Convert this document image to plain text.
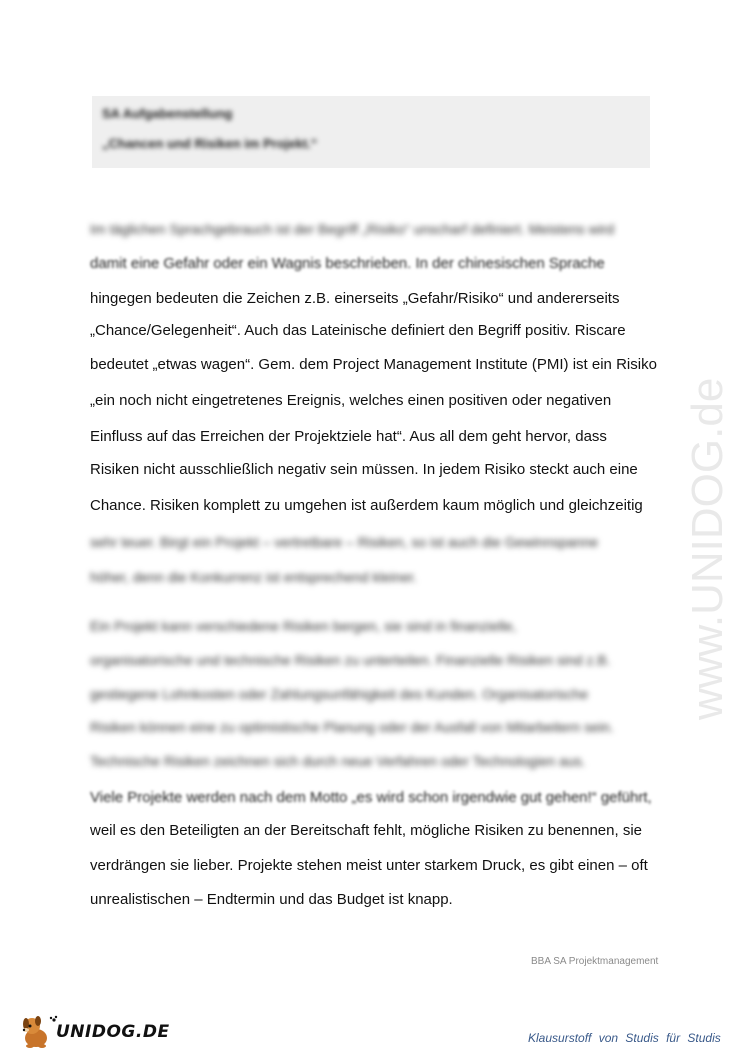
SA Aufgabenstellung
„Chancen und Risiken im Projekt.“
Im täglichen Sprachgebrauch ist der Begriff „Risiko“ unscharf definiert. Meistens wird
damit eine Gefahr oder ein Wagnis beschrieben. In der chinesischen Sprache
hingegen bedeuten die Zeichen z.B. einerseits „Gefahr/Risiko“ und andererseits
„Chance/Gelegenheit“. Auch das Lateinische definiert den Begriff positiv. Riscare
bedeutet „etwas wagen“. Gem. dem Project Management Institute (PMI) ist ein Risiko
„ein noch nicht eingetretenes Ereignis, welches einen positiven oder negativen
Einfluss auf das Erreichen der Projektziele hat“. Aus all dem geht hervor, dass
Risiken nicht ausschließlich negativ sein müssen. In jedem Risiko steckt auch eine
Chance. Risiken komplett zu umgehen ist außerdem kaum möglich und gleichzeitig
sehr teuer. Birgt ein Projekt – vertretbare – Risiken, so ist auch die Gewinnspanne
höher, denn die Konkurrenz ist entsprechend kleiner.
Ein Projekt kann verschiedene Risiken bergen, sie sind in finanzielle,
organisatorische und technische Risiken zu unterteilen. Finanzielle Risiken sind z.B.
gestiegene Lohnkosten oder Zahlungsunfähigkeit des Kunden. Organisatorische
Risiken können eine zu optimistische Planung oder der Ausfall von Mitarbeitern sein.
Technische Risiken zeichnen sich durch neue Verfahren oder Technologien aus.
Viele Projekte werden nach dem Motto „es wird schon irgendwie gut gehen!“ geführt,
weil es den Beteiligten an der Bereitschaft fehlt, mögliche Risiken zu benennen, sie
verdrängen sie lieber. Projekte stehen meist unter starkem Druck, es gibt einen – oft
unrealistischen – Endtermin und das Budget ist knapp.
www.UNIDOG.de
BBA SA Projektmanagement
UNIDOG.DE	Klausurstoff von Studis für Studis
